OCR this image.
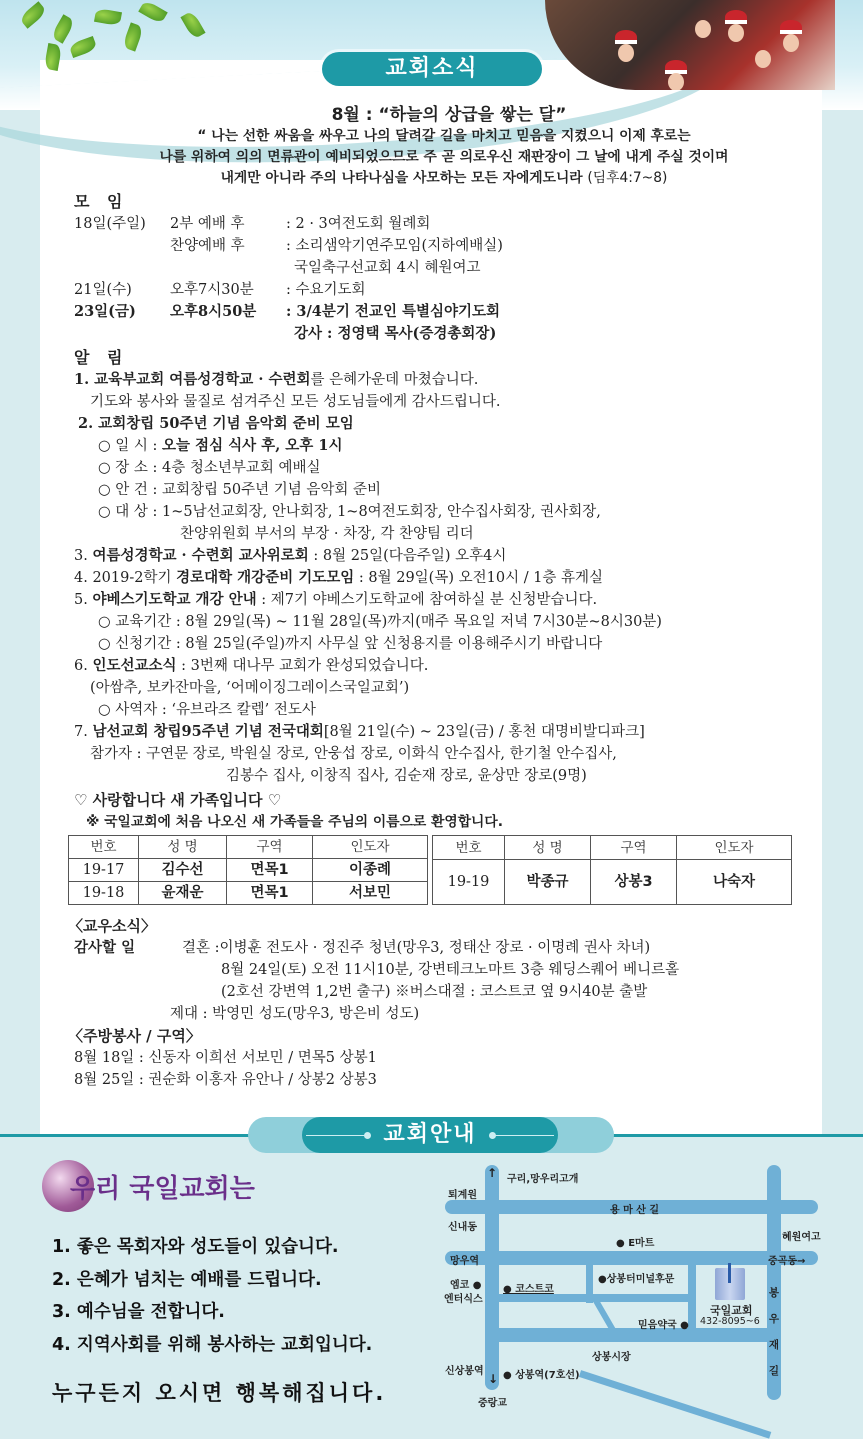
교회소식
8월 : “하늘의 상급을 쌓는 달”
“ 나는 선한 싸움을 싸우고 나의 달려갈 길을 마치고 믿음을 지켰으니 이제 후로는
나를 위하여 의의 면류관이 예비되었으므로 주 곧 의로우신 재판장이 그 날에 내게 주실 것이며
내게만 아니라 주의 나타나심을 사모하는 모든 자에게도니라 (딤후4:7~8)
모 임
18일(주일)	2부 예배 후	: 2 · 3여전도회 월례회
찬양예배 후	: 소리샘악기연주모임(지하예배실)
국일축구선교회 4시 혜원여고
21일(수)	오후7시30분	: 수요기도회
23일(금)	오후8시50분	: 3/4분기 전교인 특별심야기도회
강사 : 정영택 목사(증경총회장)
알 림
1. 교육부교회 여름성경학교 · 수련회를 은혜가운데 마쳤습니다.
기도와 봉사와 물질로 섬겨주신 모든 성도님들에게 감사드립니다.
2. 교회창립 50주년 기념 음악회 준비 모임
○ 일 시 : 오늘 점심 식사 후, 오후 1시
○ 장 소 : 4층 청소년부교회 예배실
○ 안 건 : 교회창립 50주년 기념 음악회 준비
○ 대 상 : 1~5남선교회장, 안나회장, 1~8여전도회장, 안수집사회장, 권사회장,
찬양위원회 부서의 부장 · 차장, 각 찬양팀 리더
3. 여름성경학교 · 수련회 교사위로회 : 8월 25일(다음주일) 오후4시
4. 2019-2학기 경로대학 개강준비 기도모임 : 8월 29일(목) 오전10시 / 1층 휴게실
5. 야베스기도학교 개강 안내 : 제7기 야베스기도학교에 참여하실 분 신청받습니다.
○ 교육기간 : 8월 29일(목) ~ 11월 28일(목)까지(매주 목요일 저녁 7시30분~8시30분)
○ 신청기간 : 8월 25일(주일)까지 사무실 앞 신청용지를 이용해주시기 바랍니다
6. 인도선교소식 : 3번째 대나무 교회가 완성되었습니다.
(아쌈추, 보카잔마을, ‘어메이징그레이스국일교회’)
○ 사역자 : ‘유브라즈 칼렙’ 전도사
7. 남선교회 창립95주년 기념 전국대회[8월 21일(수) ~ 23일(금) / 홍천 대명비발디파크]
참가자 : 구연문 장로, 박원실 장로, 안웅섭 장로, 이화식 안수집사, 한기철 안수집사,
김봉수 집사, 이창직 집사, 김순재 장로, 윤상만 장로(9명)
♡ 사랑합니다 새 가족입니다 ♡
※ 국일교회에 처음 나오신 새 가족들을 주님의 이름으로 환영합니다.
번호	성 명	구역	인도자
19-17	김수선	면목1	이종례
19-18	윤재운	면목1	서보민
번호	성 명	구역	인도자
19-19	박종규	상봉3	나숙자
〈교우소식〉
감사할 일	결혼 : 이병훈 전도사 · 정진주 청년(망우3, 정태산 장로 · 이명례 권사 차녀)
8월 24일(토) 오전 11시10분, 강변테크노마트 3층 웨딩스퀘어 베니르홀
(2호선 강변역 1,2번 출구) ※버스대절 : 코스트코 옆 9시40분 출발
제대 : 박영민 성도(망우3, 방은비 성도)
〈주방봉사 / 구역〉
8월 18일 : 신동자 이희선 서보민 / 면목5 상봉1
8월 25일 : 권순화 이홍자 유안나 / 상봉2 상봉3
교회안내
우리 국일교회는
1. 좋은 목회자와 성도들이 있습니다.
2. 은혜가 넘치는 예배를 드립니다.
3. 예수님을 전합니다.
4. 지역사회를 위해 봉사하는 교회입니다.
누구든지 오시면 행복해집니다.
↑ 구리,망우리고개
퇴계원
용 마 산 길
신내동
● E마트
혜원여고
망우역	중곡동→
엠코 ●
엔터식스
● 코스트코
●상봉터미널후문
국일교회
432-8095~6
믿음약국 ●
상봉시장
신상봉역 ● 상봉역(7호선)
↓
중랑교
봉
우
재
길
